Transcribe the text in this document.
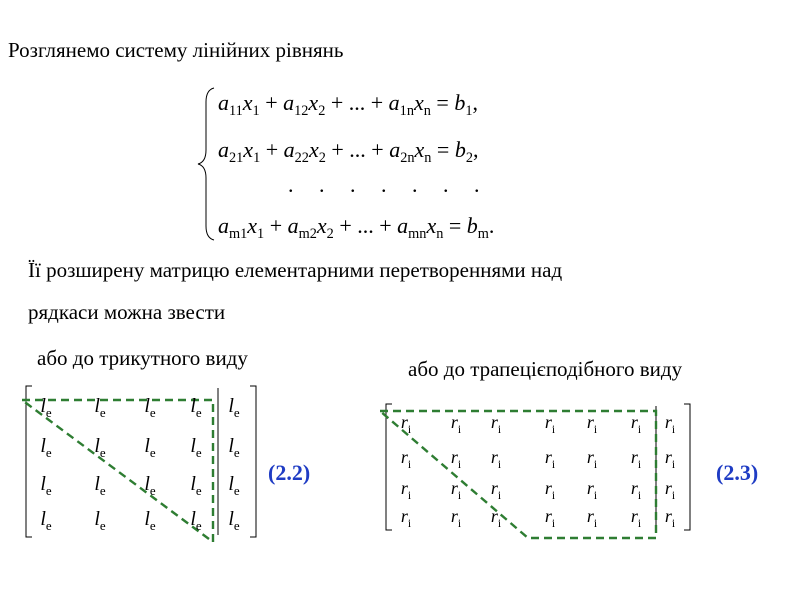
Розглянемо систему лінійних рівнянь
$a_{11}x_1 + a_{12}x_2$ + ... + $a_{1n}x_n = b_1$,
$a_{21}x_1 + a_{22}x_2$ + ... + $a_{2n}x_n = b_2$,
$a_{m1}x_1 + a_{m2}x_2$ + ... + $a_{mn}x_n = b_m$.
. . . . . . .
$l_e$ $l_e$ $l_e$ $l_e$
$l_e$ $l_e$ $l_e$ $l_e$
$l_e$ $l_e$ $l_e$ $l_e$
$l_e$ $l_e$ $l_e$ $l_e$
$l_e$
$l_e$
$l_e$
$l_e$
$r_i$ $r_i$ $r_i$ $r_i$ $r_i$ $r_i$
$r_i$ $r_i$ $r_i$ $r_i$ $r_i$ $r_i$
$r_i$ $r_i$ $r_i$ $r_i$ $r_i$ $r_i$
$r_i$ $r_i$ $r_i$ $r_i$ $r_i$ $r_i$
$r_i$
$r_i$
$r_i$
$r_i$
Її розширену матрицю елементарними перетвореннями над
рядкаси можна звести
або до трикутного виду	або до трапецієподібного виду
(2.2)	(2.3)
